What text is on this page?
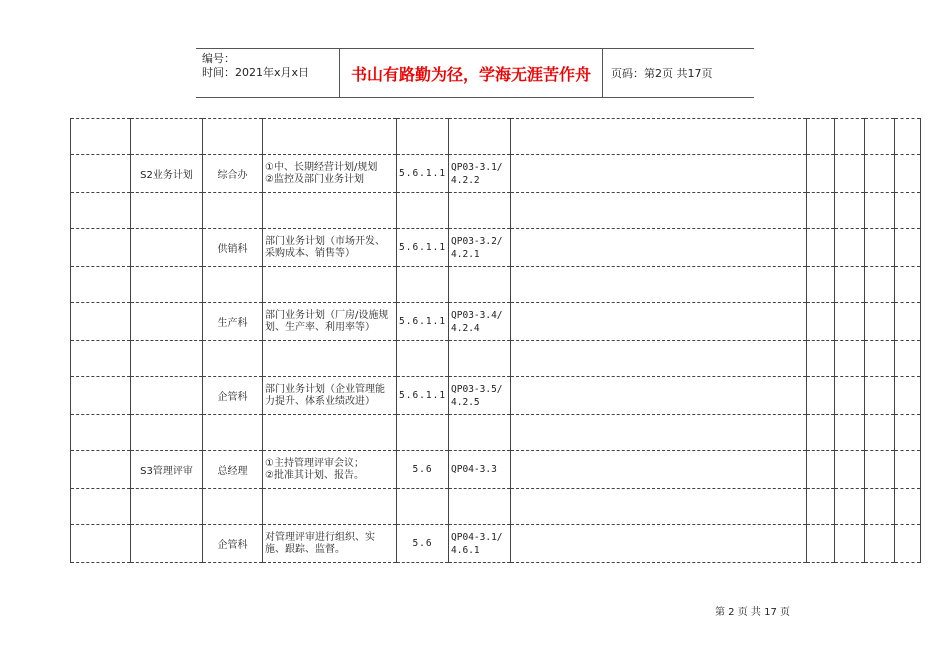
编号：
时间：2021年x月x日	书山有路勤为径，学海无涯苦作舟	页码：第2页 共17页

	S2业务计划	综合办	①中、长期经营计划/规划
②监控及部门业务计划	5.6.1.1	QP03-3.1/
4.2.2					

		供销科	部门业务计划（市场开发、采购成本、销售等）	5.6.1.1	QP03-3.2/
4.2.1					

		生产科	部门业务计划（厂房/设施规划、生产率、利用率等）	5.6.1.1	QP03-3.4/
4.2.4					

		企管科	部门业务计划（企业管理能力提升、体系业绩改进）	5.6.1.1	QP03-3.5/
4.2.5					

	S3管理评审	总经理	①主持管理评审会议；
②批准其计划、报告。	5.6	QP04-3.3					

		企管科	对管理评审进行组织、实施、跟踪、监督。	5.6	QP04-3.1/
4.6.1					
第 2 页 共 17 页
